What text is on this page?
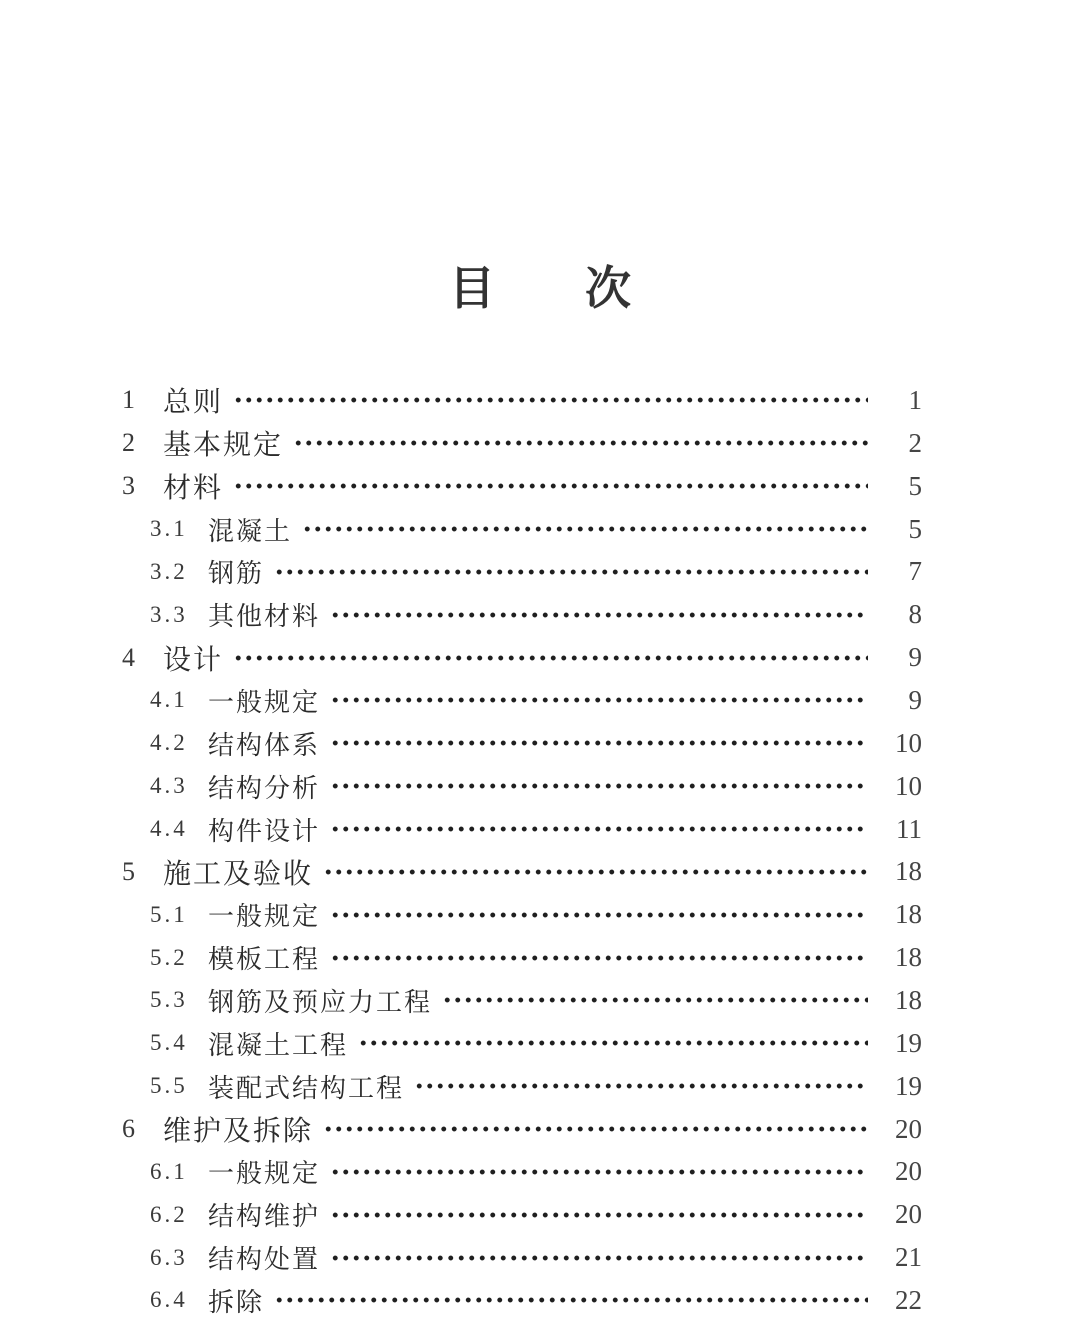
目 次
1	总则	1
2	基本规定	2
3	材料	5
3.1 混凝土	5
3.2 钢筋	7
3.3 其他材料	8
4	设计	9
4.1 一般规定	9
4.2 结构体系	10
4.3 结构分析	10
4.4 构件设计	11
5	施工及验收	18
5.1 一般规定	18
5.2 模板工程	18
5.3 钢筋及预应力工程	18
5.4 混凝土工程	19
5.5 装配式结构工程	19
6	维护及拆除	20
6.1 一般规定	20
6.2 结构维护	20
6.3 结构处置	21
6.4 拆除	22
